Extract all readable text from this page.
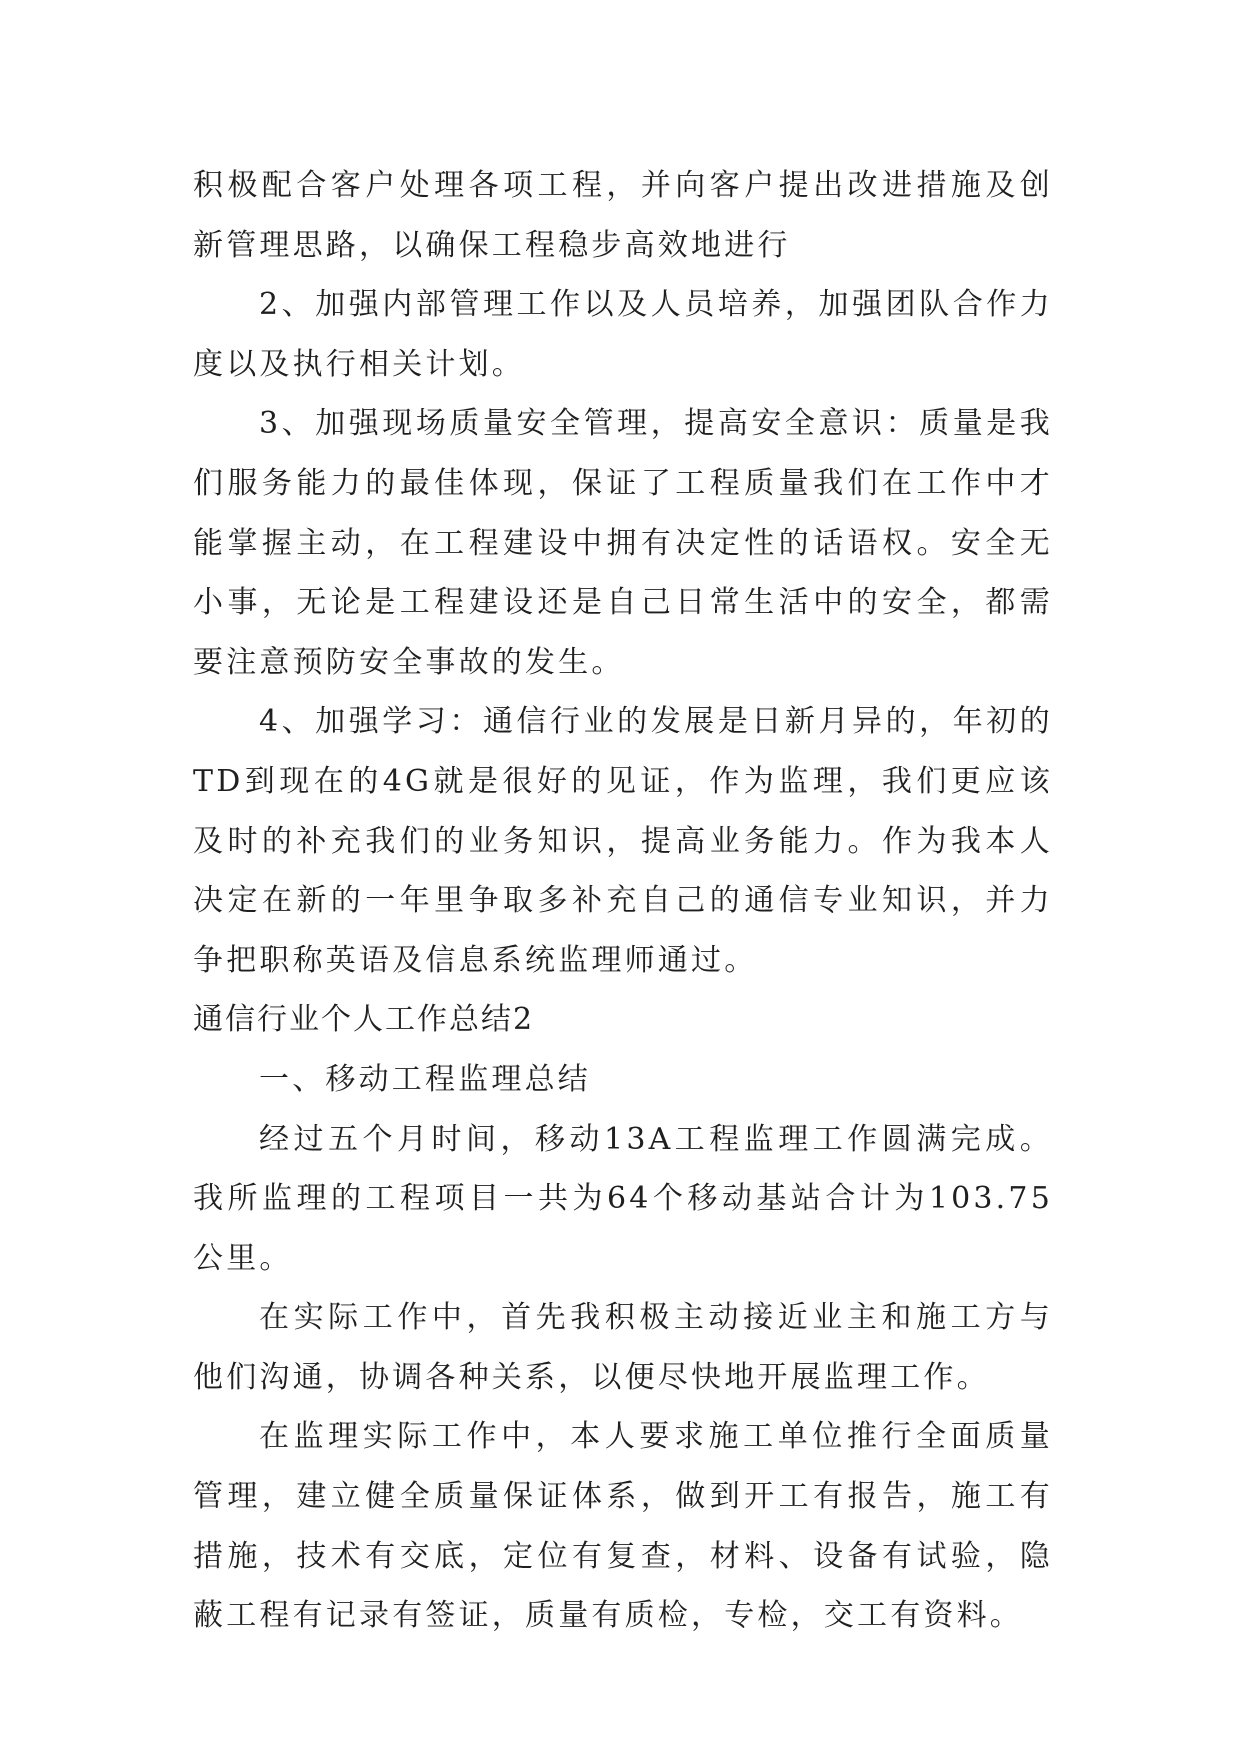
积极配合客户处理各项工程，并向客户提出改进措施及创新管理思路，以确保工程稳步高效地进行

2、加强内部管理工作以及人员培养，加强团队合作力度以及执行相关计划。

3、加强现场质量安全管理，提高安全意识：质量是我们服务能力的最佳体现，保证了工程质量我们在工作中才能掌握主动，在工程建设中拥有决定性的话语权。安全无小事，无论是工程建设还是自己日常生活中的安全，都需要注意预防安全事故的发生。

4、加强学习：通信行业的发展是日新月异的，年初的TD到现在的4G就是很好的见证，作为监理，我们更应该及时的补充我们的业务知识，提高业务能力。作为我本人决定在新的一年里争取多补充自己的通信专业知识，并力争把职称英语及信息系统监理师通过。

通信行业个人工作总结2

一、移动工程监理总结

经过五个月时间，移动13A工程监理工作圆满完成。我所监理的工程项目一共为64个移动基站合计为103.75公里。

在实际工作中，首先我积极主动接近业主和施工方与他们沟通，协调各种关系，以便尽快地开展监理工作。

在监理实际工作中，本人要求施工单位推行全面质量管理，建立健全质量保证体系，做到开工有报告，施工有措施，技术有交底，定位有复查，材料、设备有试验，隐蔽工程有记录有签证，质量有质检，专检，交工有资料。
